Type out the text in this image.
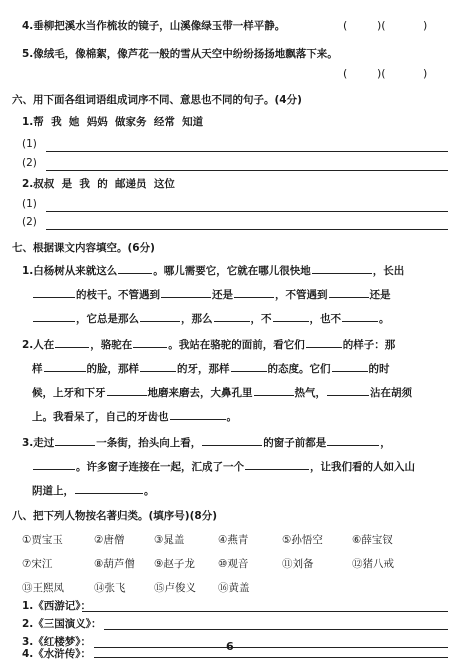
4.垂柳把溪水当作梳妆的镜子，山溪像绿玉带一样平静。	(	)(	)
5.像绒毛，像棉絮，像芦花一般的雪从天空中纷纷扬扬地飘落下来。
(	)(	)
六、用下面各组词语组成词序不同、意思也不同的句子。(4分)
1.帮  我  她  妈妈  做家务  经常  知道
(1)
(2)
2.叔叔  是  我  的  邮递员  这位
(1)
(2)
七、根据课文内容填空。(6分)
1.白杨树从来就这么	。哪儿需要它，它就在哪儿很快地	，长出
的枝干。不管遇到	还是	，不管遇到	还是
，它总是那么	，那么	，不	，也不	。
2.人在	，骆驼在	。我站在骆驼的面前，看它们	的样子：那
样	的脸，那样	的牙，那样	的态度。它们	的时
候，上牙和下牙	地磨来磨去，大鼻孔里	热气，	沾在胡须
上。我看呆了，自己的牙齿也	。
3.走过	一条街，抬头向上看，	的窗子前都是	，
。许多窗子连接在一起，汇成了一个	，让我们看的人如入山
阴道上，	。
八、把下列人物按名著归类。(填序号)(8分)
①贾宝玉	②唐僧	③晁盖	④燕青	⑤孙悟空	⑥薛宝钗
⑦宋江	⑧葫芦僧 ⑨赵子龙 ⑩观音	⑪刘备	⑫猪八戒
⑬王熙凤	⑭张飞	⑮卢俊义 ⑯黄盖
1.《西游记》：
2.《三国演义》：
3.《红楼梦》：
4.《水浒传》：
6
